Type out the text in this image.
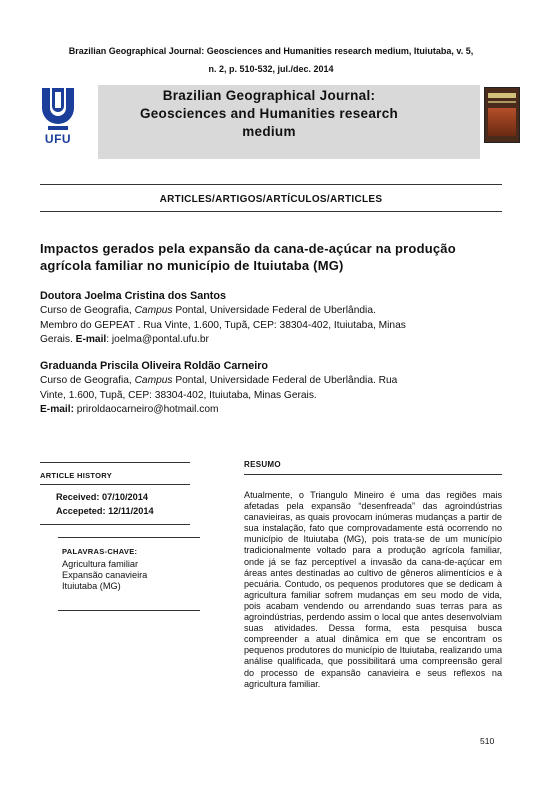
Brazilian Geographical Journal: Geosciences and Humanities research medium, Ituiutaba, v. 5,
n. 2, p. 510-532, jul./dec. 2014
UFU
Brazilian Geographical Journal:
Geosciences and Humanities research
medium
ARTICLES/ARTIGOS/ARTÍCULOS/ARTICLES
Impactos gerados pela expansão da cana-de-açúcar na produção agrícola familiar no município de Ituiutaba (MG)
Doutora Joelma Cristina dos Santos
Curso de Geografia, Campus Pontal, Universidade Federal de Uberlândia.
Membro do GEPEAT . Rua Vinte, 1.600, Tupã, CEP: 38304-402, Ituiutaba, Minas
Gerais. E-mail: joelma@pontal.ufu.br
Graduanda Priscila Oliveira Roldão Carneiro
Curso de Geografia, Campus Pontal, Universidade Federal de Uberlândia. Rua
Vinte, 1.600, Tupã, CEP: 38304-402, Ituiutaba, Minas Gerais.
E-mail: priroldaocarneiro@hotmail.com
ARTICLE HISTORY
Received: 07/10/2014
Accepeted: 12/11/2014
PALAVRAS-CHAVE:
Agricultura familiar
Expansão canavieira
Ituiutaba (MG)
RESUMO
Atualmente, o Triangulo Mineiro é uma das regiões mais afetadas pela expansão “desenfreada” das agroindústrias canavieiras, as quais provocam inúmeras mudanças a partir de sua instalação, fato que comprovadamente está ocorrendo no município de Ituiutaba (MG), pois trata-se de um município tradicionalmente voltado para a produção agrícola familiar, onde já se faz perceptível a invasão da cana-de-açúcar em áreas antes destinadas ao cultivo de gêneros alimentícios e à pecuária. Contudo, os pequenos produtores que se dedicam à agricultura familiar sofrem mudanças em seu modo de vida, pois acabam vendendo ou arrendando suas terras para as agroindústrias, perdendo assim o local que antes desenvolviam suas atividades. Dessa forma, esta pesquisa busca compreender a atual dinâmica em que se encontram os pequenos produtores do município de Ituiutaba, realizando uma análise qualificada, que possibilitará uma compreensão geral do processo de expansão canavieira e seus reflexos na agricultura familiar.
510
